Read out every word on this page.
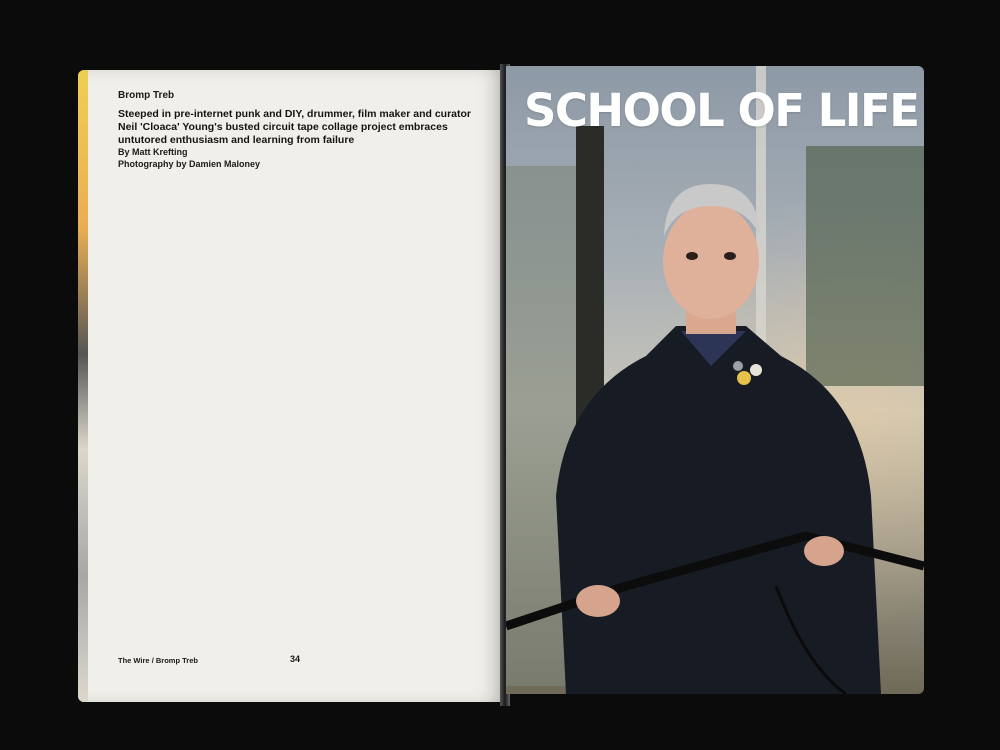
Bromp Treb

Steeped in pre-internet punk and DIY, drummer, film maker and curator Neil 'Cloaca' Young's busted circuit tape collage project embraces untutored enthusiasm and learning from failure

By Matt Krefting
Photography by Damien Maloney

The Wire / Bromp Treb	34
SCHOOL OF LIFE
